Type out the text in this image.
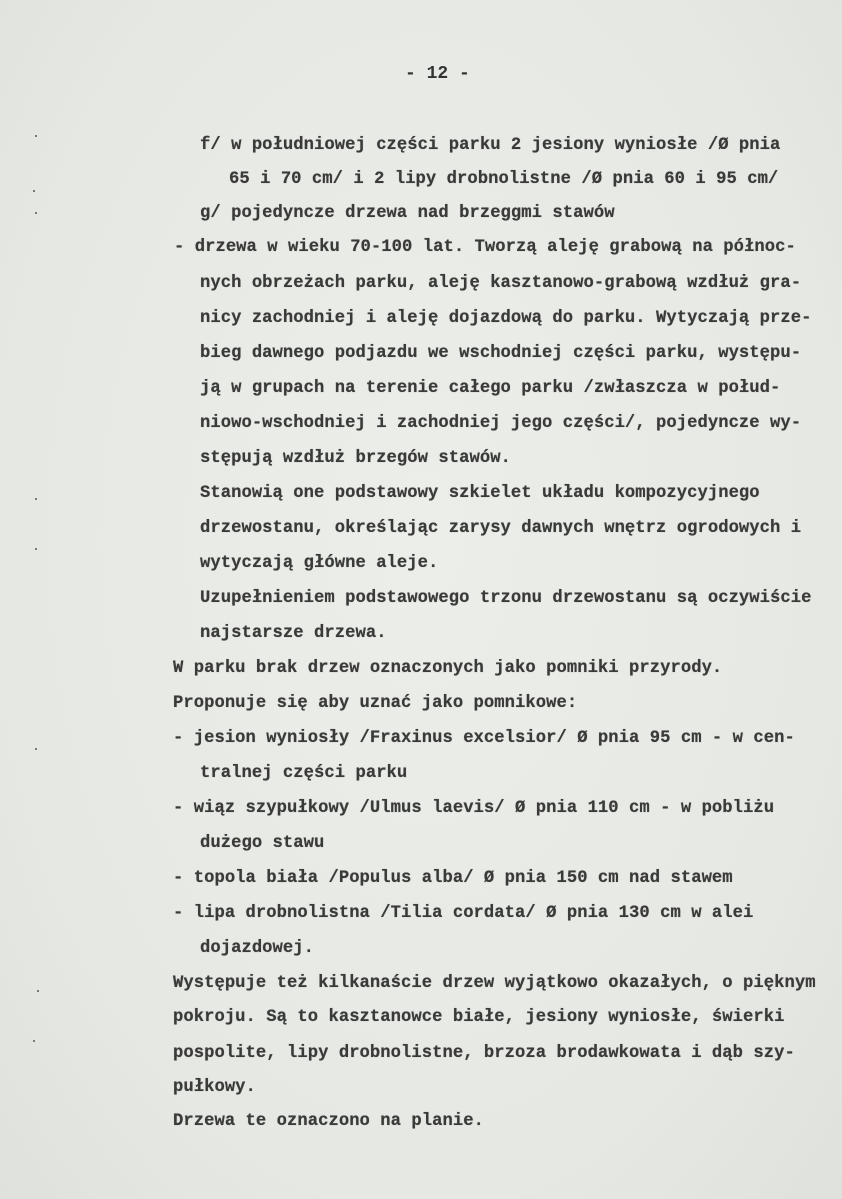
- 12 -
f/ w południowej części parku 2 jesiony wyniosłe /Ø pnia
65 i 70 cm/ i 2 lipy drobnolistne /Ø pnia 60 i 95 cm/
g/ pojedyncze drzewa nad brzeggmi stawów
- drzewa w wieku 70-100 lat. Tworzą aleję grabową na północ-
nych obrzeżach parku, aleję kasztanowo-grabową wzdłuż gra-
nicy zachodniej i aleję dojazdową do parku. Wytyczają prze-
bieg dawnego podjazdu we wschodniej części parku, występu-
ją w grupach na terenie całego parku /zwłaszcza w połud-
niowo-wschodniej i zachodniej jego części/, pojedyncze wy-
stępują wzdłuż brzegów stawów.
Stanowią one podstawowy szkielet układu kompozycyjnego
drzewostanu, określając zarysy dawnych wnętrz ogrodowych i
wytyczają główne aleje.
Uzupełnieniem podstawowego trzonu drzewostanu są oczywiście
najstarsze drzewa.
W parku brak drzew oznaczonych jako pomniki przyrody.
Proponuje się aby uznać jako pomnikowe:
- jesion wyniosły /Fraxinus excelsior/ Ø pnia 95 cm - w cen-
tralnej części parku
- wiąz szypułkowy /Ulmus laevis/ Ø pnia 110 cm - w pobliżu
dużego stawu
- topola biała /Populus alba/ Ø pnia 150 cm nad stawem
- lipa drobnolistna /Tilia cordata/ Ø pnia 130 cm w alei
dojazdowej.
Występuje też kilkanaście drzew wyjątkowo okazałych, o pięknym
pokroju. Są to kasztanowce białe, jesiony wyniosłe, świerki
pospolite, lipy drobnolistne, brzoza brodawkowata i dąb szy-
pułkowy.
Drzewa te oznaczono na planie.
